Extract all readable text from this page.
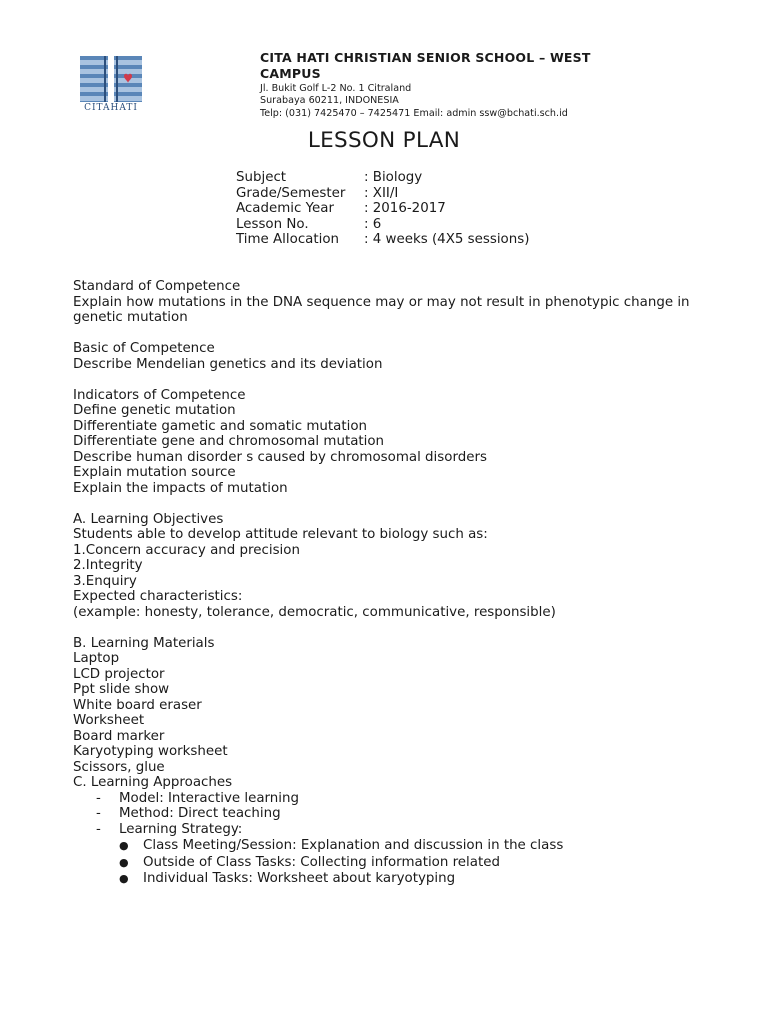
CITAHATI
CITA HATI CHRISTIAN SENIOR SCHOOL – WEST CAMPUS
Jl. Bukit Golf L-2 No. 1 Citraland
Surabaya 60211, INDONESIA
Telp: (031) 7425470 – 7425471 Email: admin ssw@bchati.sch.id
LESSON PLAN
Subject	: Biology
Grade/Semester : XII/I
Academic Year : 2016-2017
Lesson No.	: 6
Time Allocation : 4 weeks (4X5 sessions)
Standard of Competence
Explain how mutations in the DNA sequence may or may not result in phenotypic change in genetic mutation
Basic of Competence
Describe Mendelian genetics and its deviation
Indicators of Competence
Define genetic mutation
Differentiate gametic and somatic mutation
Differentiate gene and chromosomal mutation
Describe human disorder s caused by chromosomal disorders
Explain mutation source
Explain the impacts of mutation
A. Learning Objectives
Students able to develop attitude relevant to biology such as:
1.Concern accuracy and precision
2.Integrity
3.Enquiry
Expected characteristics:
(example: honesty, tolerance, democratic, communicative, responsible)
B. Learning Materials
Laptop
LCD projector
Ppt slide show
White board eraser
Worksheet
Board marker
Karyotyping worksheet
Scissors, glue
C. Learning Approaches
- Model: Interactive learning
- Method: Direct teaching
- Learning Strategy:
● Class Meeting/Session: Explanation and discussion in the class
● Outside of Class Tasks: Collecting information related
● Individual Tasks: Worksheet about karyotyping
